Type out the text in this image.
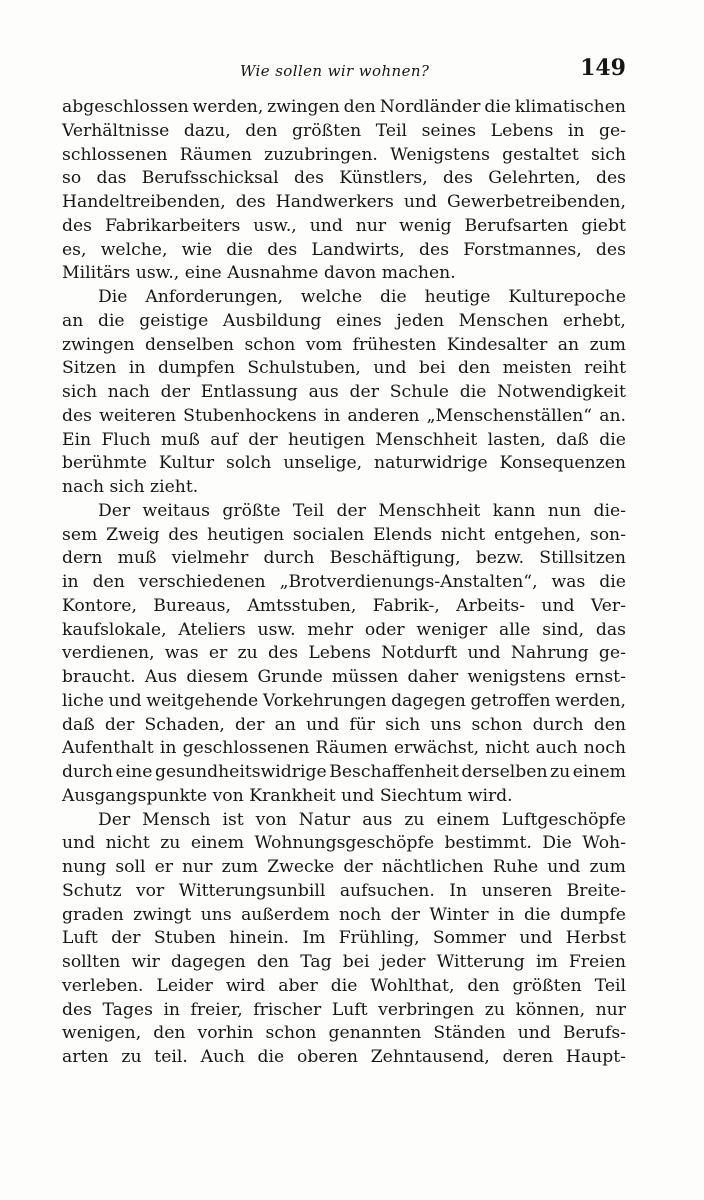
Wie sollen wir wohnen?	149
abgeschlossen werden, zwingen den Nordländer die klimatischen
Verhältnisse dazu, den größten Teil seines Lebens in ge-
schlossenen Räumen zuzubringen. Wenigstens gestaltet sich
so das Berufsschicksal des Künstlers, des Gelehrten, des
Handeltreibenden, des Handwerkers und Gewerbetreibenden,
des Fabrikarbeiters usw., und nur wenig Berufsarten giebt
es, welche, wie die des Landwirts, des Forstmannes, des
Militärs usw., eine Ausnahme davon machen.
Die Anforderungen, welche die heutige Kulturepoche
an die geistige Ausbildung eines jeden Menschen erhebt,
zwingen denselben schon vom frühesten Kindesalter an zum
Sitzen in dumpfen Schulstuben, und bei den meisten reiht
sich nach der Entlassung aus der Schule die Notwendigkeit
des weiteren Stubenhockens in anderen „Menschenställen“ an.
Ein Fluch muß auf der heutigen Menschheit lasten, daß die
berühmte Kultur solch unselige, naturwidrige Konsequenzen
nach sich zieht.
Der weitaus größte Teil der Menschheit kann nun die-
sem Zweig des heutigen socialen Elends nicht entgehen, son-
dern muß vielmehr durch Beschäftigung, bezw. Stillsitzen
in den verschiedenen „Brotverdienungs-Anstalten“, was die
Kontore, Bureaus, Amtsstuben, Fabrik-, Arbeits- und Ver-
kaufslokale, Ateliers usw. mehr oder weniger alle sind, das
verdienen, was er zu des Lebens Notdurft und Nahrung ge-
braucht. Aus diesem Grunde müssen daher wenigstens ernst-
liche und weitgehende Vorkehrungen dagegen getroffen werden,
daß der Schaden, der an und für sich uns schon durch den
Aufenthalt in geschlossenen Räumen erwächst, nicht auch noch
durch eine gesundheitswidrige Beschaffenheit derselben zu einem
Ausgangspunkte von Krankheit und Siechtum wird.
Der Mensch ist von Natur aus zu einem Luftgeschöpfe
und nicht zu einem Wohnungsgeschöpfe bestimmt. Die Woh-
nung soll er nur zum Zwecke der nächtlichen Ruhe und zum
Schutz vor Witterungsunbill aufsuchen. In unseren Breite-
graden zwingt uns außerdem noch der Winter in die dumpfe
Luft der Stuben hinein. Im Frühling, Sommer und Herbst
sollten wir dagegen den Tag bei jeder Witterung im Freien
verleben. Leider wird aber die Wohlthat, den größten Teil
des Tages in freier, frischer Luft verbringen zu können, nur
wenigen, den vorhin schon genannten Ständen und Berufs-
arten zu teil. Auch die oberen Zehntausend, deren Haupt-
